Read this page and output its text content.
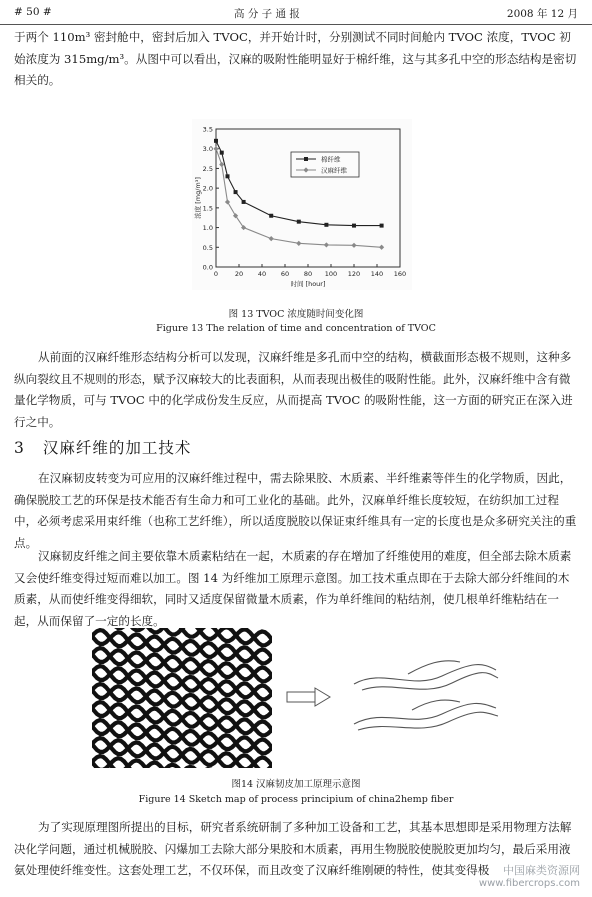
# 50 #	高 分 子 通 报	2008 年 12 月

于两个 110m³ 密封舱中，密封后加入 TVOC，并开始计时，分别测试不同时间舱内 TVOC 浓度，TVOC 初始浓度为 315mg/m³。从图中可以看出，汉麻的吸附性能明显好于棉纤维，这与其多孔中空的形态结构是密切相关的。

0.0
0.5
1.0
1.5
2.0
2.5
3.0
3.5
0	20 40 60 80 100 120 140 160
时间 [hour]
浓度 [mg/m³]
棉纤维
汉麻纤维
图 13 TVOC 浓度随时间变化图
Figure 13 The relation of time and concentration of TVOC

从前面的汉麻纤维形态结构分析可以发现，汉麻纤维是多孔而中空的结构，横截面形态极不规则，这种多纵向裂纹且不规则的形态，赋予汉麻较大的比表面积，从而表现出极佳的吸附性能。此外，汉麻纤维中含有微量化学物质，可与 TVOC 中的化学成份发生反应，从而提高 TVOC 的吸附性能，这一方面的研究正在深入进行之中。

3 汉麻纤维的加工技术

在汉麻韧皮转变为可应用的汉麻纤维过程中，需去除果胶、木质素、半纤维素等伴生的化学物质，因此，确保脱胶工艺的环保是技术能否有生命力和可工业化的基础。此外，汉麻单纤维长度较短，在纺织加工过程中，必须考虑采用束纤维（也称工艺纤维），所以适度脱胶以保证束纤维具有一定的长度也是众多研究关注的重点。

汉麻韧皮纤维之间主要依靠木质素粘结在一起，木质素的存在增加了纤维使用的难度，但全部去除木质素又会使纤维变得过短而难以加工。图 14 为纤维加工原理示意图。加工技术重点即在于去除大部分纤维间的木质素，从而使纤维变得细软，同时又适度保留微量木质素，作为单纤维间的粘结剂，使几根单纤维粘结在一起，从而保留了一定的长度。

图14 汉麻韧皮加工原理示意图
Figure 14 Sketch map of process principium of china2hemp fiber

为了实现原理图所提出的目标，研究者系统研制了多种加工设备和工艺，其基本思想即是采用物理方法解决化学问题，通过机械脱胶、闪爆加工去除大部分果胶和木质素，再用生物脱胶使脱胶更加均匀，最后采用液氨处理使纤维变性。这套处理工艺，不仅环保，而且改变了汉麻纤维刚硬的特性，使其变得极	中国麻类资源网
www.fibercrops.com
